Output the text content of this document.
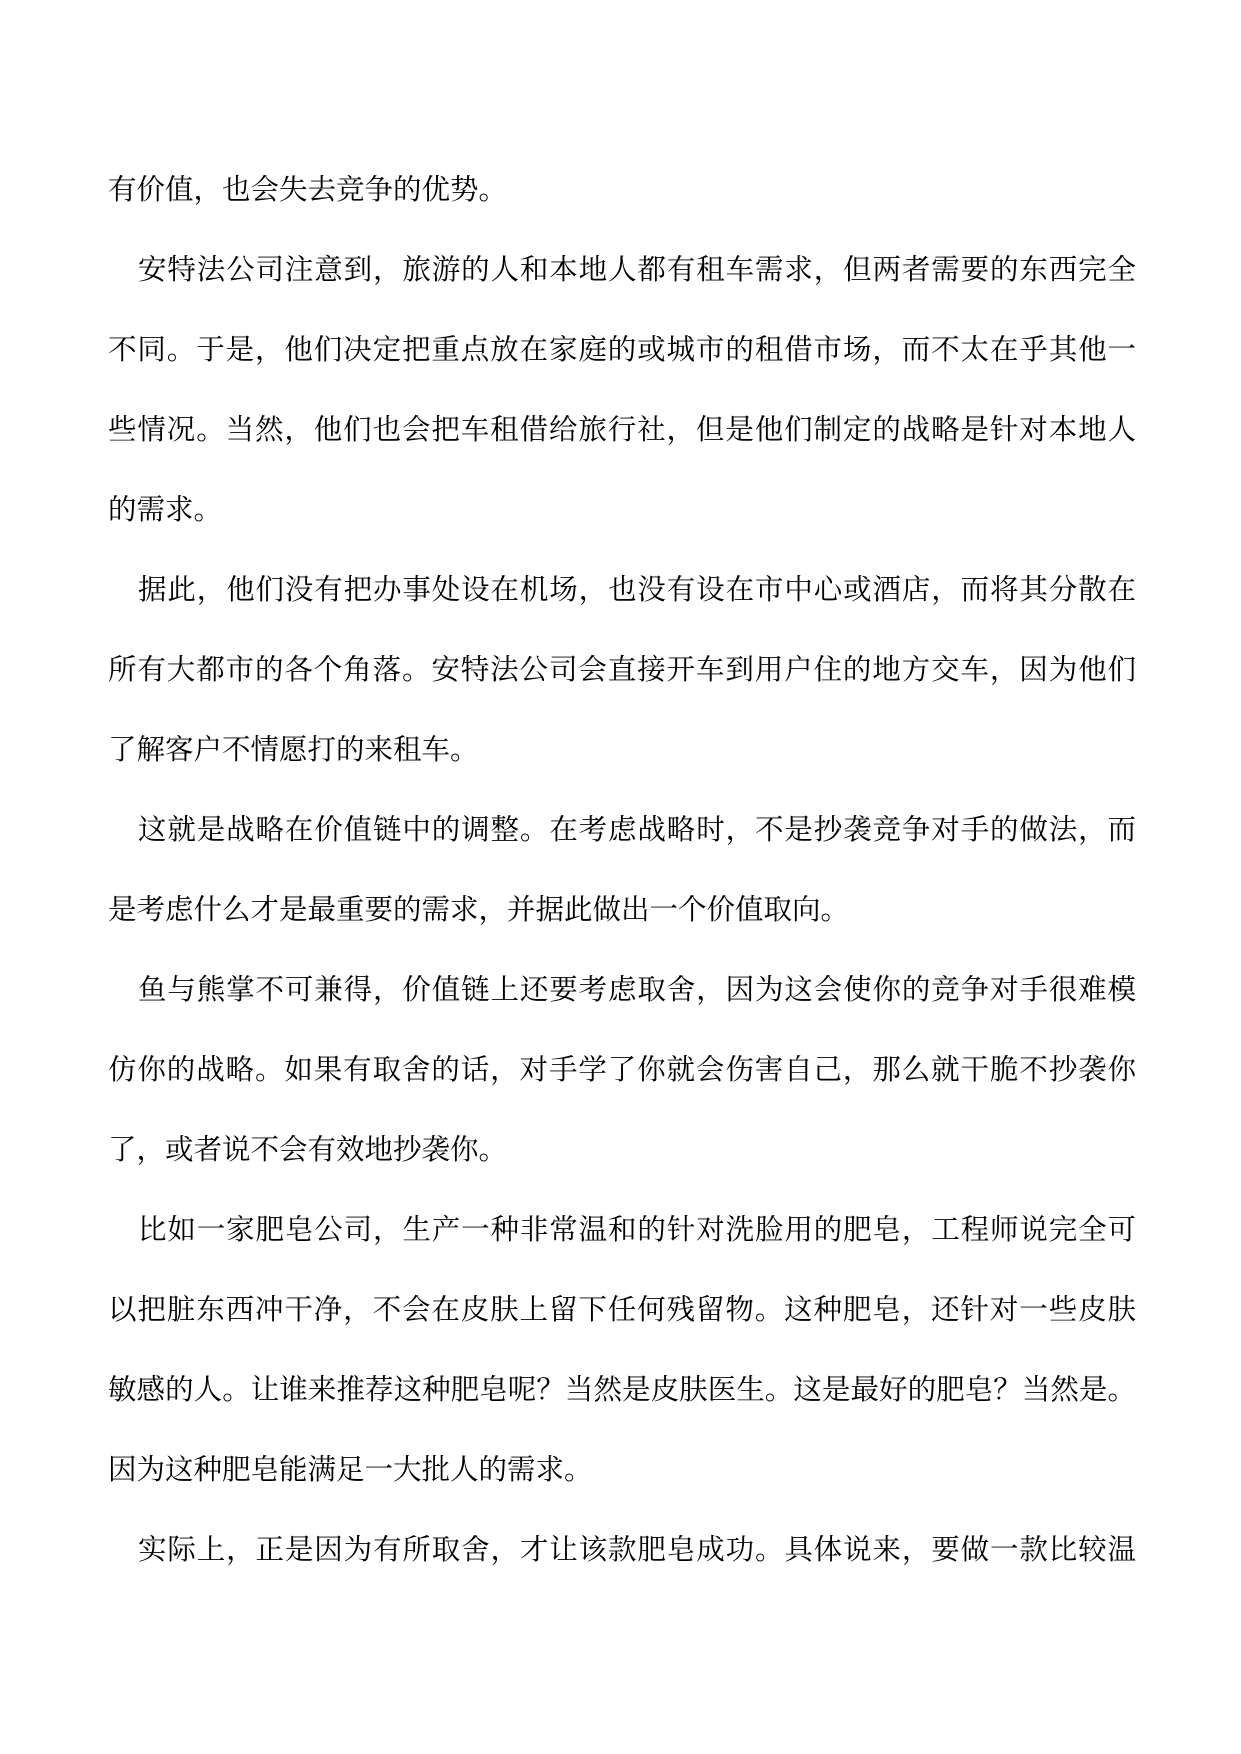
有价值，也会失去竞争的优势。
安特法公司注意到，旅游的人和本地人都有租车需求，但两者需要的东西完全
不同。于是，他们决定把重点放在家庭的或城市的租借市场，而不太在乎其他一
些情况。当然，他们也会把车租借给旅行社，但是他们制定的战略是针对本地人
的需求。
据此，他们没有把办事处设在机场，也没有设在市中心或酒店，而将其分散在
所有大都市的各个角落。安特法公司会直接开车到用户住的地方交车，因为他们
了解客户不情愿打的来租车。
这就是战略在价值链中的调整。在考虑战略时，不是抄袭竞争对手的做法，而
是考虑什么才是最重要的需求，并据此做出一个价值取向。
鱼与熊掌不可兼得，价值链上还要考虑取舍，因为这会使你的竞争对手很难模
仿你的战略。如果有取舍的话，对手学了你就会伤害自己，那么就干脆不抄袭你
了，或者说不会有效地抄袭你。
比如一家肥皂公司，生产一种非常温和的针对洗脸用的肥皂，工程师说完全可
以把脏东西冲干净，不会在皮肤上留下任何残留物。这种肥皂，还针对一些皮肤
敏感的人。让谁来推荐这种肥皂呢？当然是皮肤医生。这是最好的肥皂？当然是。
因为这种肥皂能满足一大批人的需求。
实际上，正是因为有所取舍，才让该款肥皂成功。具体说来，要做一款比较温
